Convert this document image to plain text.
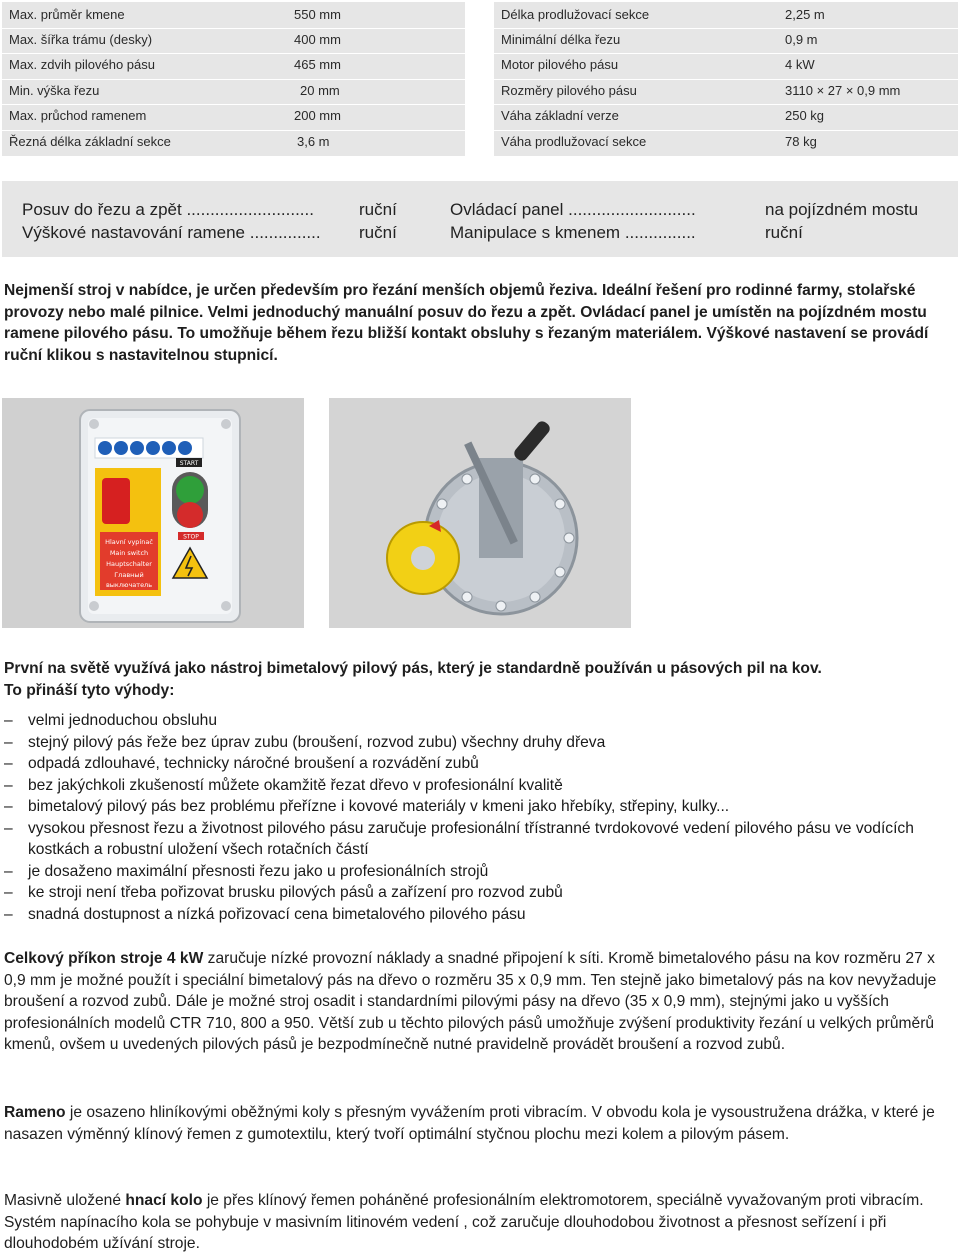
Max. průměr kmene	550 mm
Max. šířka trámu (desky)	400 mm
Max. zdvih pilového pásu	465 mm
Min. výška řezu	20 mm
Max. průchod ramenem	200 mm
Řezná délka základní sekce	3,6 m
Délka prodlužovací sekce	2,25 m
Minimální délka řezu	0,9 m
Motor pilového pásu	4 kW
Rozměry pilového pásu	3110 × 27 × 0,9 mm
Váha základní verze	250 kg
Váha prodlužovací sekce	78 kg
Posuv do řezu a zpět ...........................	ruční
Výškové nastavování ramene ............... ruční
Ovládací panel ...........................	na pojízdném mostu
Manipulace s kmenem ...............	ruční
Nejmenší stroj v nabídce, je určen především pro řezání menších objemů řeziva. Ideální řešení pro rodinné farmy, stolařské provozy nebo malé pilnice. Velmi jednoduchý manuální posuv do řezu a zpět. Ovládací panel je umístěn na pojízdném mostu ramene pilového pásu. To umožňuje během řezu bližší kontakt obsluhy s řezaným materiálem. Výškové nastavení se provádí ruční klikou s nastavitelnou stupnicí.
Hlavní vypínač
Main switch
Hauptschalter
Главный
выключатель
START
STOP
První na světě využívá jako nástroj bimetalový pilový pás, který je standardně používán u pásových pil na kov.
To přináší tyto výhody:
– velmi jednoduchou obsluhu
– stejný pilový pás řeže bez úprav zubu (broušení, rozvod zubu) všechny druhy dřeva
– odpadá zdlouhavé, technicky náročné broušení a rozvádění zubů
– bez jakýchkoli zkušeností můžete okamžitě řezat dřevo v profesionální kvalitě
– bimetalový pilový pás bez problému přeřízne i kovové materiály v kmeni jako hřebíky, střepiny, kulky...
– vysokou přesnost řezu a životnost pilového pásu zaručuje profesionální třístranné tvrdokovové vedení pilového pásu ve vodících kostkách a robustní uložení všech rotačních částí
– je dosaženo maximální přesnosti řezu jako u profesionálních strojů
– ke stroji není třeba pořizovat brusku pilových pásů a zařízení pro rozvod zubů
– snadná dostupnost a nízká pořizovací cena bimetalového pilového pásu
Celkový příkon stroje 4 kW zaručuje nízké provozní náklady a snadné připojení k síti. Kromě bimetalového pásu na kov rozměru 27 x 0,9 mm je možné použít i speciální bimetalový pás na dřevo o rozměru 35 x 0,9 mm. Ten stejně jako bimetalový pás na kov nevyžaduje broušení a rozvod zubů. Dále je možné stroj osadit i standardními pilovými pásy na dřevo (35 x 0,9 mm), stejnými jako u vyšších profesionálních modelů CTR 710, 800 a 950. Větší zub u těchto pilových pásů umožňuje zvýšení produktivity řezání u velkých průměrů kmenů, ovšem u uvedených pilových pásů je bezpodmínečně nutné pravidelně provádět broušení a rozvod zubů.
Rameno je osazeno hliníkovými oběžnými koly s přesným vyvážením proti vibracím. V obvodu kola je vysoustružena drážka, v které je nasazen výměnný klínový řemen z gumotextilu, který tvoří optimální styčnou plochu mezi kolem a pilovým pásem.
Masivně uložené hnací kolo je přes klínový řemen poháněné profesionálním elektromotorem, speciálně vyvažovaným proti vibracím. Systém napínacího kola se pohybuje v masivním litinovém vedení , což zaručuje dlouhodobou životnost a přesnost seřízení i při dlouhodobém užívání stroje.
